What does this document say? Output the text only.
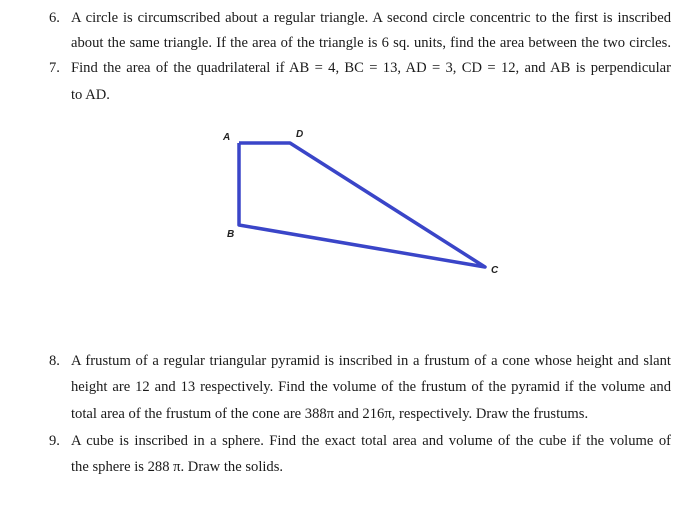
6. A circle is circumscribed about a regular triangle. A second circle concentric to the first is inscribed
about the same triangle. If the area of the triangle is 6 sq. units, find the area between the two circles.
7. Find the area of the quadrilateral if AB = 4, BC = 13, AD = 3, CD = 12, and AB is perpendicular
to AD.
A	D
B
C
8. A frustum of a regular triangular pyramid is inscribed in a frustum of a cone whose height and slant
height are 12 and 13 respectively. Find the volume of the frustum of the pyramid if the volume and
total area of the frustum of the cone are 388π and 216π, respectively. Draw the frustums.
9. A cube is inscribed in a sphere. Find the exact total area and volume of the cube if the volume of
the sphere is 288 π. Draw the solids.
